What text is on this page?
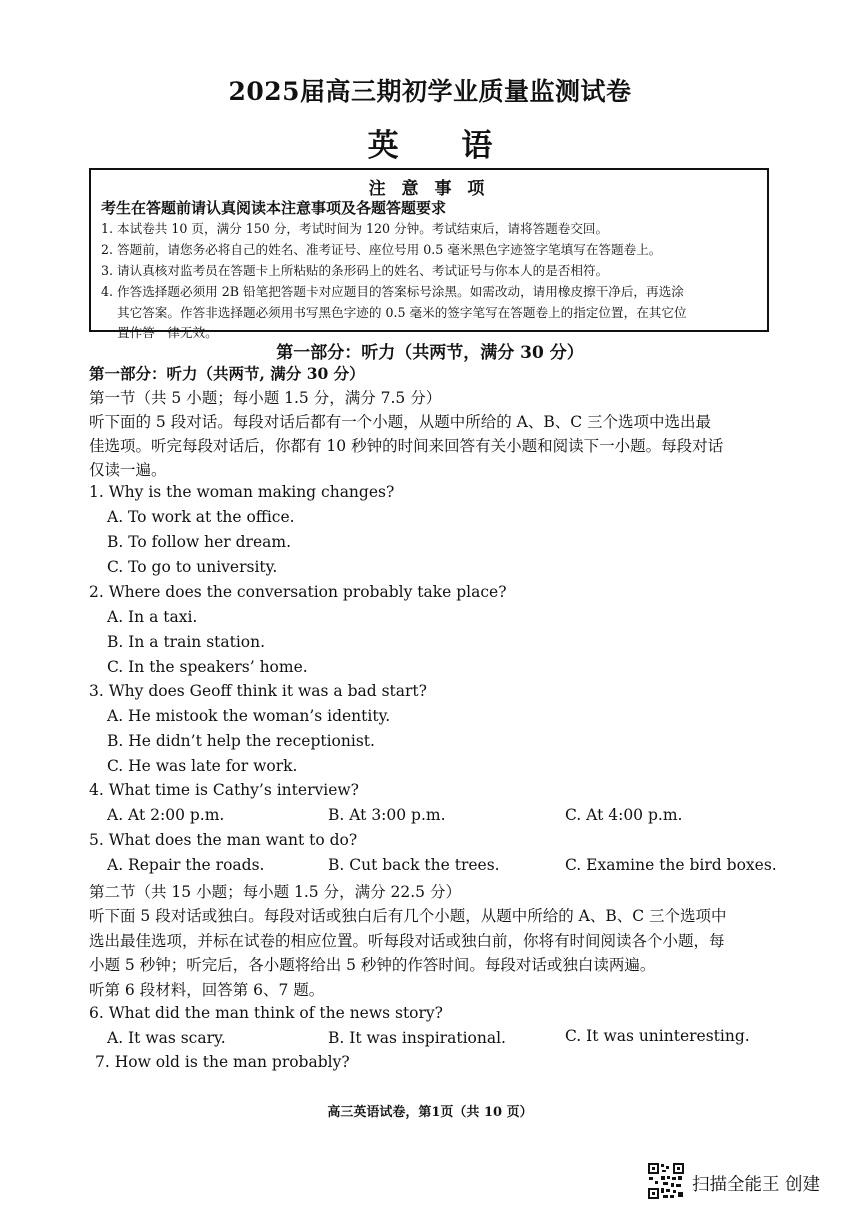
2025届高三期初学业质量监测试卷
英 语
注 意 事 项
考生在答题前请认真阅读本注意事项及各题答题要求
1. 本试卷共 10 页，满分 150 分，考试时间为 120 分钟。考试结束后，请将答题卷交回。
2. 答题前，请您务必将自己的姓名、准考证号、座位号用 0.5 毫米黑色字迹签字笔填写在答题卷上。
3. 请认真核对监考员在答题卡上所粘贴的条形码上的姓名、考试证号与你本人的是否相符。
4. 作答选择题必须用 2B 铅笔把答题卡对应题目的答案标号涂黑。如需改动，请用橡皮擦干净后，再选涂
其它答案。作答非选择题必须用书写黑色字迹的 0.5 毫米的签字笔写在答题卷上的指定位置，在其它位
置作答一律无效。
第一部分：听力（共两节，满分 30 分）
第一部分：听力（共两节, 满分 30 分）
第一节（共 5 小题；每小题 1.5 分，满分 7.5 分）
听下面的 5 段对话。每段对话后都有一个小题，从题中所给的 A、B、C 三个选项中选出最
佳选项。听完每段对话后，你都有 10 秒钟的时间来回答有关小题和阅读下一小题。每段对话
仅读一遍。
1. Why is the woman making changes?
A. To work at the office.
B. To follow her dream.
C. To go to university.
2. Where does the conversation probably take place?
A. In a taxi.
B. In a train station.
C. In the speakers’ home.
3. Why does Geoff think it was a bad start?
A. He mistook the woman’s identity.
B. He didn’t help the receptionist.
C. He was late for work.
4. What time is Cathy’s interview?
A. At 2:00 p.m.	B. At 3:00 p.m.	C. At 4:00 p.m.
5. What does the man want to do?
A. Repair the roads.	B. Cut back the trees.	C. Examine the bird boxes.
第二节（共 15 小题；每小题 1.5 分，满分 22.5 分）
听下面 5 段对话或独白。每段对话或独白后有几个小题，从题中所给的 A、B、C 三个选项中
选出最佳选项，并标在试卷的相应位置。听每段对话或独白前，你将有时间阅读各个小题，每
小题 5 秒钟；听完后，各小题将给出 5 秒钟的作答时间。每段对话或独白读两遍。
听第 6 段材料，回答第 6、7 题。
6. What did the man think of the news story?
A. It was scary.	B. It was inspirational.	C. It was uninteresting.
7. How old is the man probably?
高三英语试卷，第1页（共 10 页）
扫描全能王 创建
